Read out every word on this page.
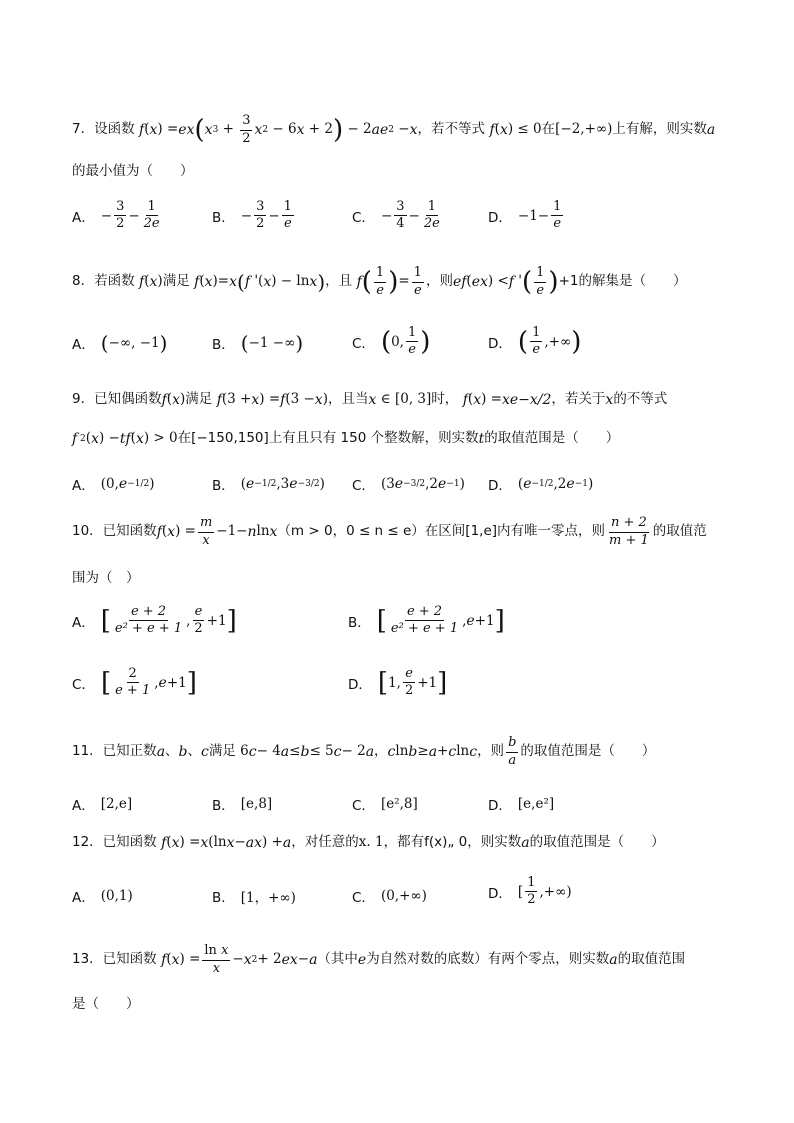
7．设函数 f ( x ) = e x ( x $3 + \frac{3}{2}$ x 2 − 6 x + 2 ) − 2 ae 2 − x ，若不等式 f ( x ) ≤ 0 在 [−2,+∞) 上有解，则实数 a
的最小值为（　　）
A． − $\frac{3}{2} - \frac{1}{2e}$	B． − $\frac{3}{2} - \frac{1}{e}$	C． − $\frac{3}{4} - \frac{1}{2e}$	D． $-1- \frac{1}{e}$
8．若函数 f ( x ) 满足 f ( x )= x ( f '( x ) − ln x ) ，且 f ( $\frac{1}{e}$ ) = $\frac{1}{e}$ ，则 ef ( e x ) < f ' ( $\frac{1}{e}$ ) +1的解集是（　　）
A． ( −∞, −1 )	B． ( −1 −∞ )	C． ( 0, $\frac{1}{e}$ )	D． ( $\frac{1}{e}$ ,+∞ )
9．已知偶函数 f ( x ) 满足 f (3 + x ) = f (3 − x ) ，且当 x ∈ [0, 3] 时， f ( x ) = xe −x/2 ，若关于 x 的不等式
f 2 ( x ) − tf ( x ) > 0 在[−150,150]上有且只有 150 个整数解，则实数 t 的取值范围是（　　）
A． (0, e −1/2 )	B． ( e −1/2 ,3 e −3/2 ) C． (3 e −3/2 ,2 e −1 ) D． ( e −1/2 ,2 e −1 )
10．已知函数 f ( x ) = $\frac{m}{x} -1- n$ ln x （m > 0，0 ≤ n ≤ e）在区间[1,e]内有唯一零点，则 $\frac{n + 2}{m + 1}$ 的取值范
围为（　）
A． [ $\frac{e + 2}{\text{e² + e + 1}}$ , $\frac{e}{2} +1$ ]	B． [ $\frac{e + 2}{\text{e² + e + 1}}$ , e +1 ]
C． [ $\frac{2}{e + 1}$ , e +1 ]	D． [ 1, $\frac{e}{2} +1$ ]
11．已知正数 a 、 b 、 c 满足 6 c − 4 a ≤ b ≤ 5 c − 2 a ， c ln b ≥ a + c ln c ，则 $\frac{b}{a}$ 的取值范围是（　　）
A． [2,e]	B． [e,8]	C． [e²,8]	D． [e,e²]
12．已知函数 f ( x ) = x (ln x − ax ) + a ，对任意的 x. 1，都有 f(x)„ 0，则实数 a 的取值范围是（　　）
A． (0,1)	B． [1，+∞)	C． (0,+∞)	D． [ $\frac{1}{2}$ ,+∞)
13．已知函数 f ( x ) = $\frac{\text{ln x}}{x} - x$ 2 + 2 ex − a （其中 e 为自然对数的底数）有两个零点，则实数 a 的取值范围
是（　　）
